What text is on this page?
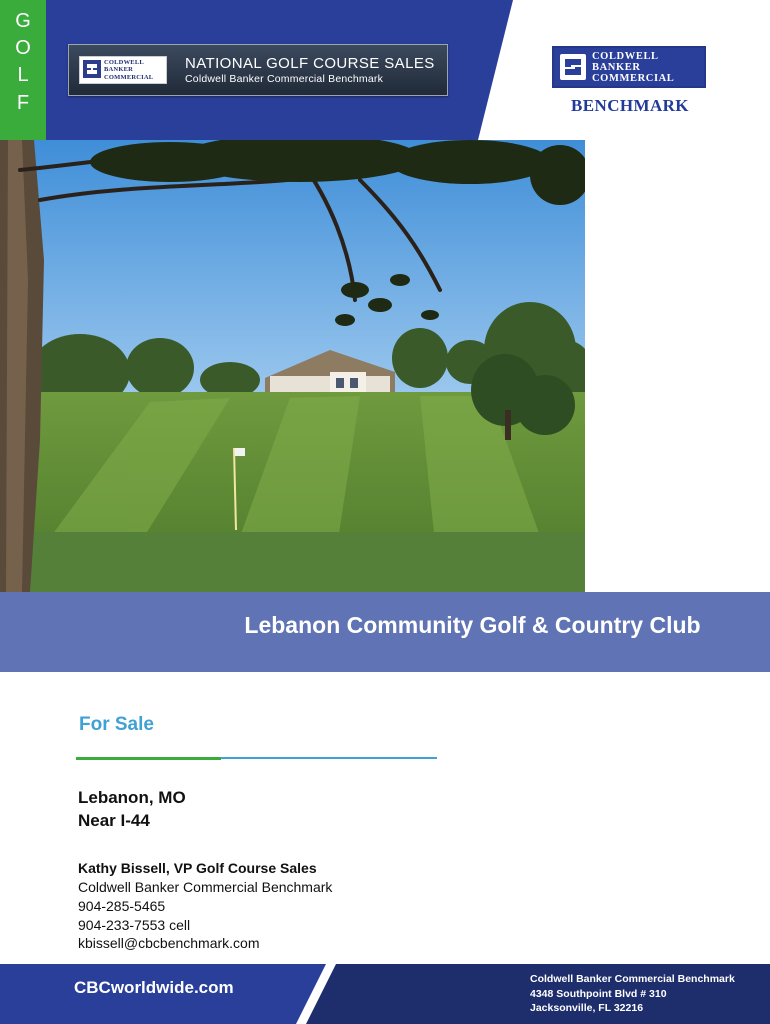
G
O
L
F
COLDWELL
BANKER
COMMERCIAL
NATIONAL GOLF COURSE SALES
Coldwell Banker Commercial Benchmark
COLDWELL
BANKER
COMMERCIAL
BENCHMARK
Lebanon Community Golf & Country Club
For Sale
Lebanon, MO
Near I-44
Kathy Bissell, VP Golf Course Sales
Coldwell Banker Commercial Benchmark
904-285-5465
904-233-7553 cell
kbissell@cbcbenchmark.com
CBCworldwide.com	Coldwell Banker Commercial Benchmark
4348 Southpoint Blvd # 310
Jacksonville, FL 32216
